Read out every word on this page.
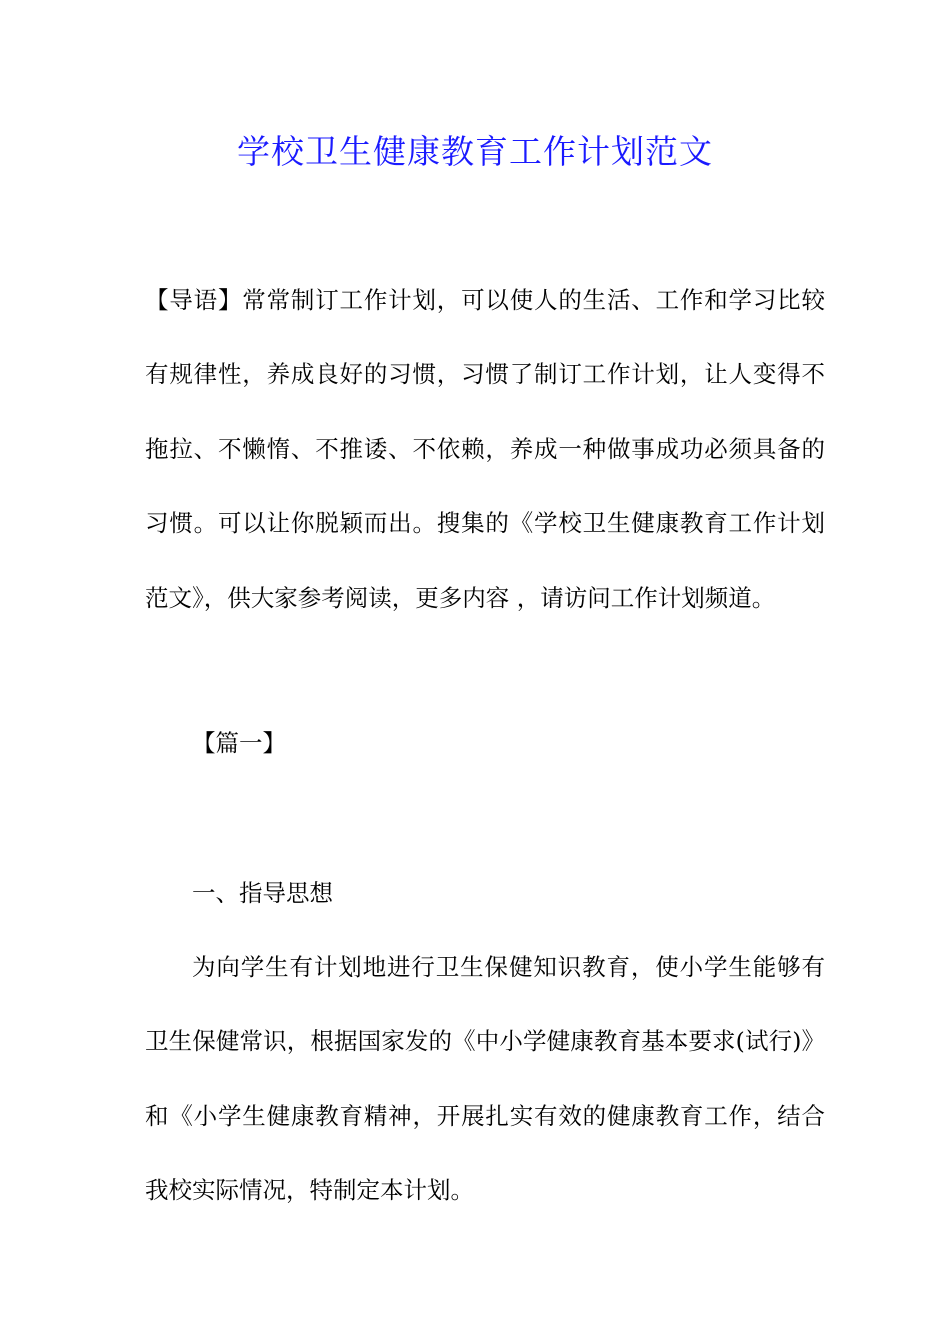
学校卫生健康教育工作计划范文

【导语】常常制订工作计划，可以使人的生活、工作和学习比较有规律性，养成良好的习惯，习惯了制订工作计划，让人变得不拖拉、不懒惰、不推诿、不依赖，养成一种做事成功必须具备的习惯。可以让你脱颖而出。搜集的《学校卫生健康教育工作计划范文》，供大家参考阅读，更多内容 ，请访问工作计划频道。

【篇一】

一、指导思想

为向学生有计划地进行卫生保健知识教育，使小学生能够有卫生保健常识，根据国家发的《中小学健康教育基本要求(试行)》和《小学生健康教育精神，开展扎实有效的健康教育工作，结合我校实际情况，特制定本计划。
